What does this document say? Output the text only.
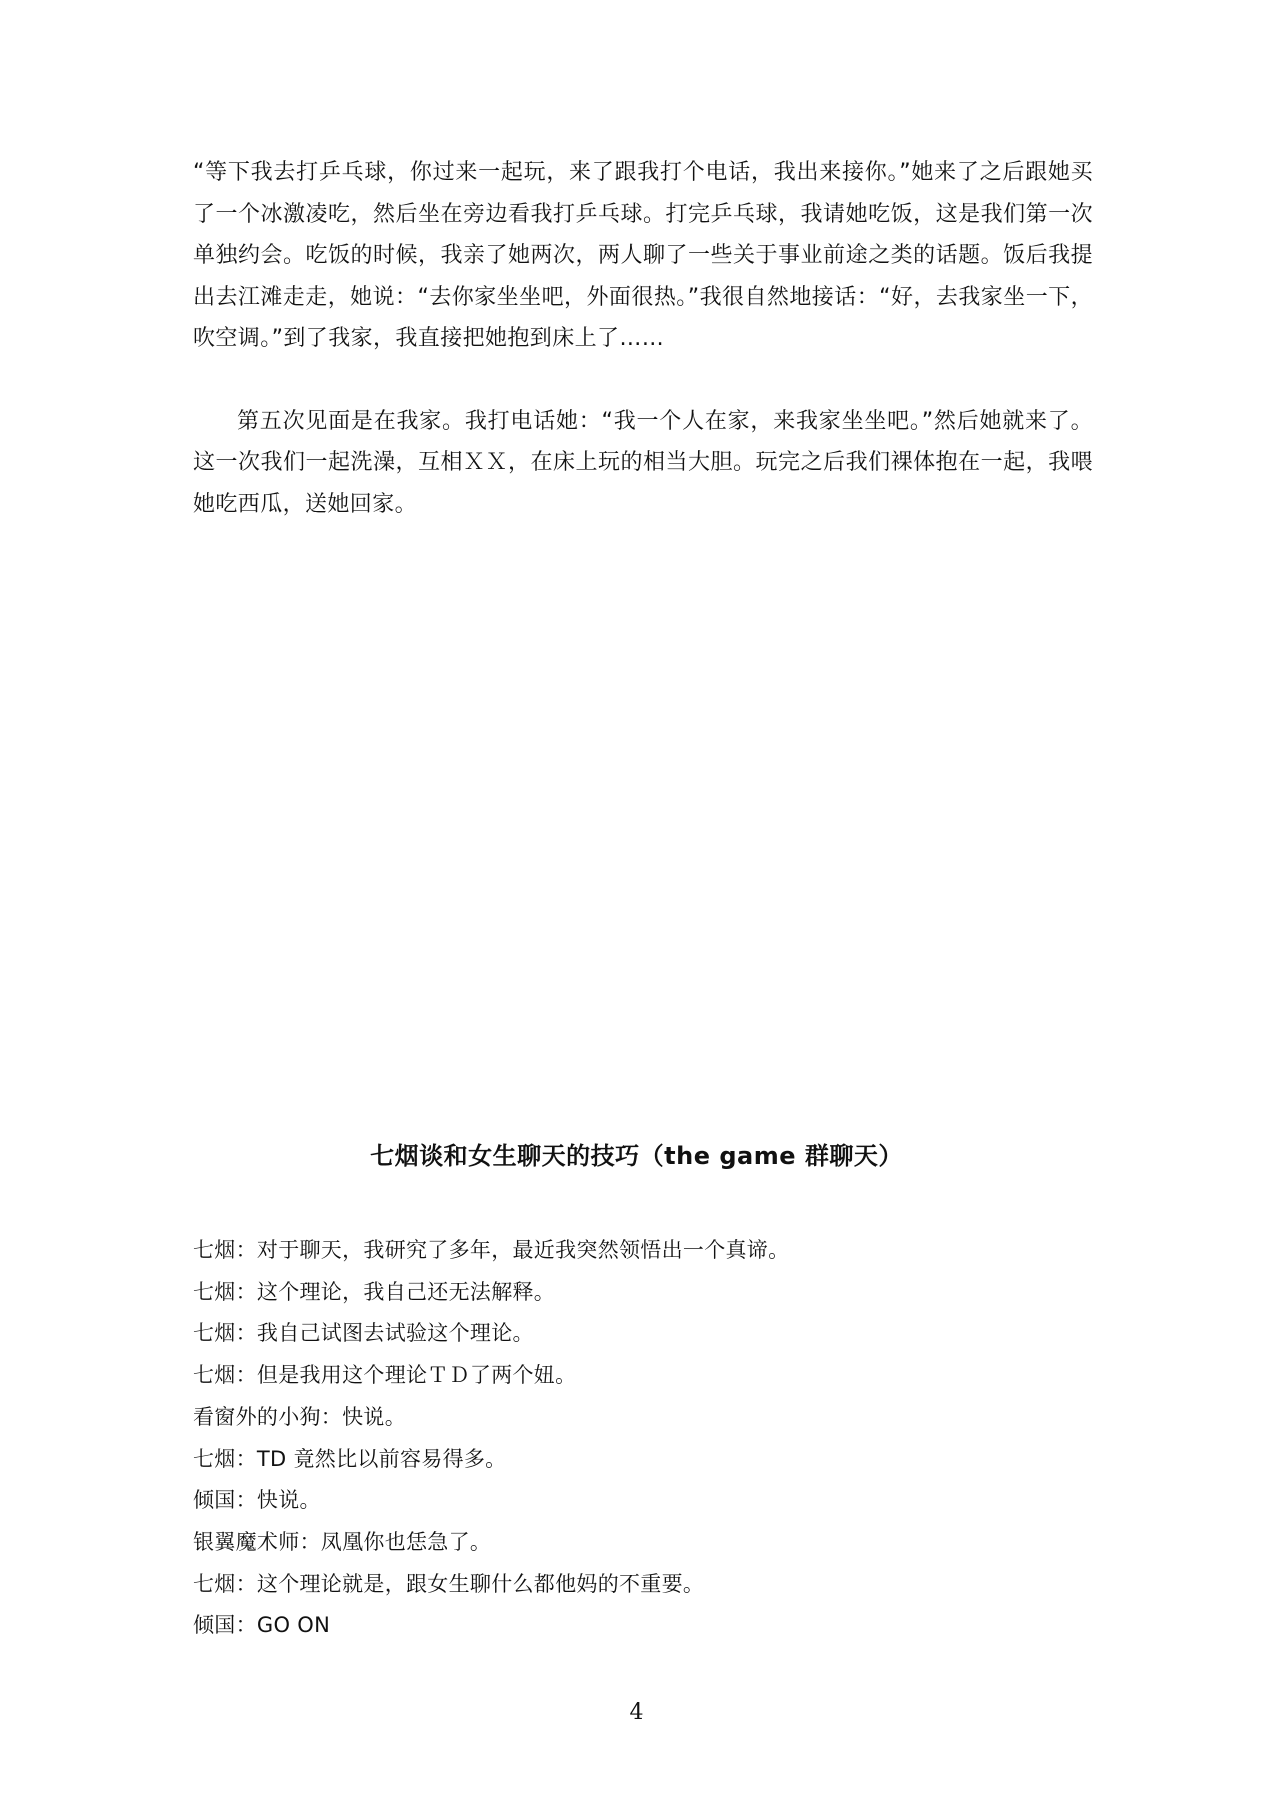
“等下我去打乒乓球，你过来一起玩，来了跟我打个电话，我出来接你。”她来了之后跟她买了一个冰激凌吃，然后坐在旁边看我打乒乓球。打完乒乓球，我请她吃饭，这是我们第一次单独约会。吃饭的时候，我亲了她两次，两人聊了一些关于事业前途之类的话题。饭后我提出去江滩走走，她说：“去你家坐坐吧，外面很热。”我很自然地接话：“好，去我家坐一下，吹空调。”到了我家，我直接把她抱到床上了……

第五次见面是在我家。我打电话她：“我一个人在家，来我家坐坐吧。”然后她就来了。这一次我们一起洗澡，互相ＸＸ，在床上玩的相当大胆。玩完之后我们裸体抱在一起，我喂她吃西瓜，送她回家。

七烟谈和女生聊天的技巧（the game 群聊天）
七烟：对于聊天，我研究了多年，最近我突然领悟出一个真谛。
七烟：这个理论，我自己还无法解释。
七烟：我自己试图去试验这个理论。
七烟：但是我用这个理论ＴＤ了两个妞。
看窗外的小狗：快说。
七烟：TD 竟然比以前容易得多。
倾国：快说。
银翼魔术师：凤凰你也恁急了。
七烟：这个理论就是，跟女生聊什么都他妈的不重要。
倾国：GO ON
4
